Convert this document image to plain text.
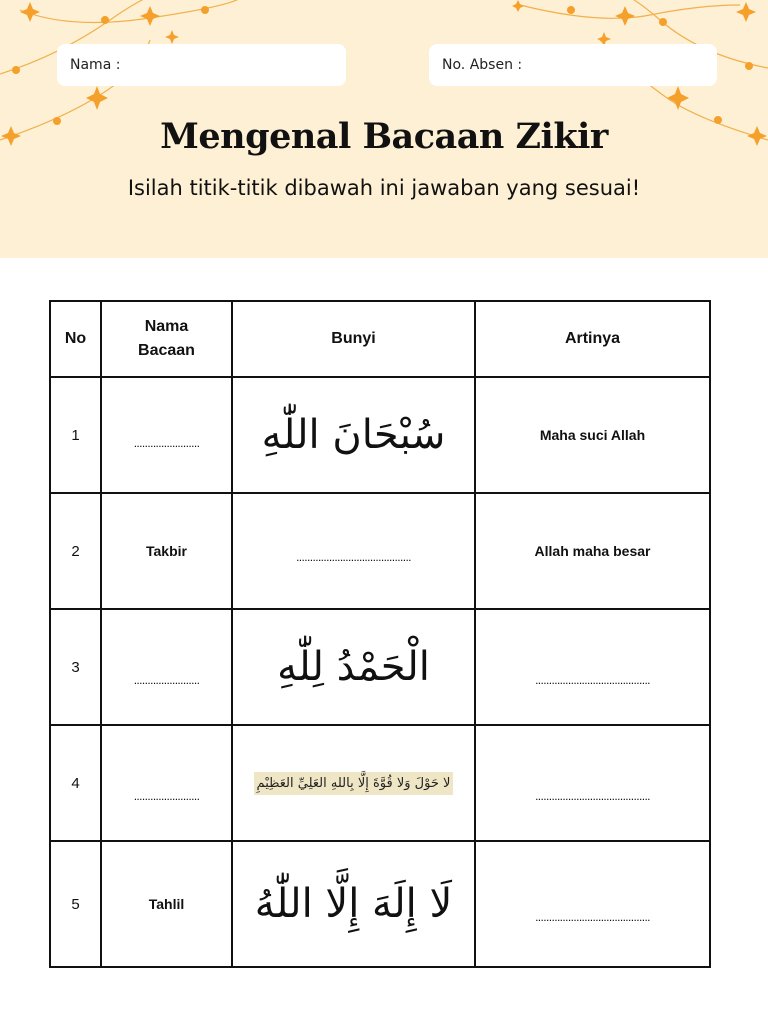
Nama :	No. Absen :
Mengenal Bacaan Zikir
Isilah titik-titik dibawah ini jawaban yang sesuai!
No	Nama Bacaan	Bunyi	Artinya
1	........................	سُبْحَانَ اللّٰهِ	Maha suci Allah
2	Takbir	..........................................	Allah maha besar
3	........................	الْحَمْدُ لِلّٰهِ	..........................................
4	........................	لا حَوْلَ وَلا قُوَّةَ إِلَّا بِاللهِ العَلِيِّ العَظِيْمِ	..........................................
5	Tahlil	لَا إِلَهَ إِلَّا اللّٰهُ	..........................................
